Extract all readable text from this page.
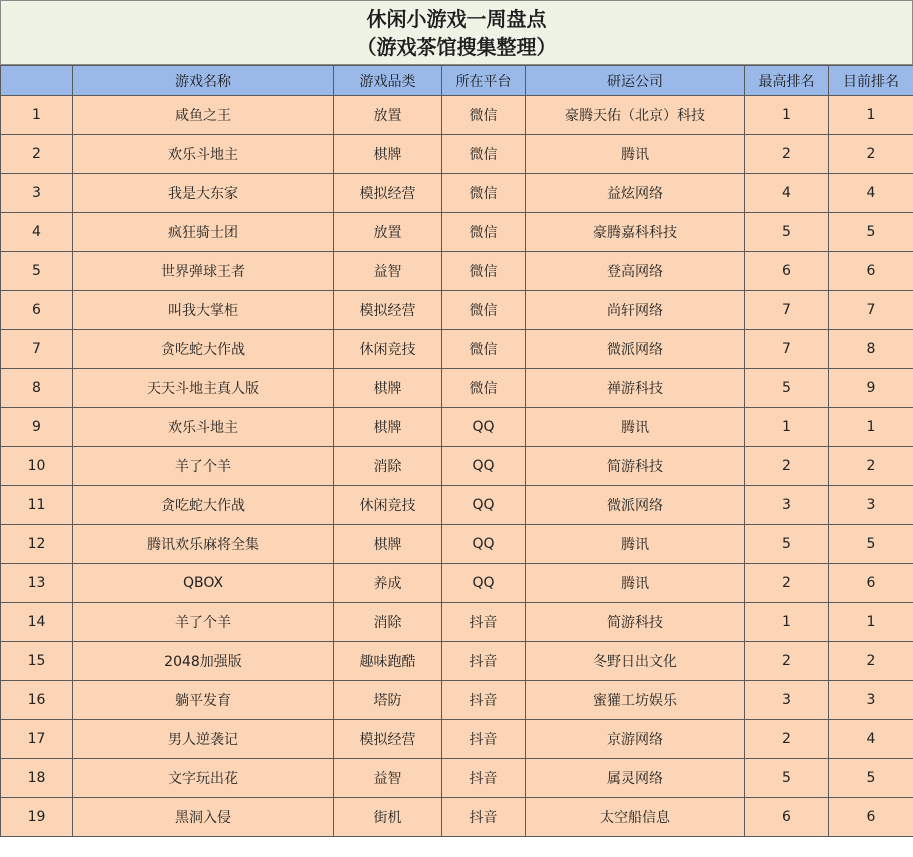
休闲小游戏一周盘点
（游戏茶馆搜集整理）
	游戏名称	游戏品类	所在平台	研运公司	最高排名	目前排名
1	咸鱼之王	放置	微信	豪腾天佑（北京）科技	1	1
2	欢乐斗地主	棋牌	微信	腾讯	2	2
3	我是大东家	模拟经营	微信	益炫网络	4	4
4	疯狂骑士团	放置	微信	豪腾嘉科科技	5	5
5	世界弹球王者	益智	微信	登高网络	6	6
6	叫我大掌柜	模拟经营	微信	尚轩网络	7	7
7	贪吃蛇大作战	休闲竞技	微信	微派网络	7	8
8	天天斗地主真人版	棋牌	微信	禅游科技	5	9
9	欢乐斗地主	棋牌	QQ	腾讯	1	1
10	羊了个羊	消除	QQ	简游科技	2	2
11	贪吃蛇大作战	休闲竞技	QQ	微派网络	3	3
12	腾讯欢乐麻将全集	棋牌	QQ	腾讯	5	5
13	QBOX	养成	QQ	腾讯	2	6
14	羊了个羊	消除	抖音	简游科技	1	1
15	2048加强版	趣味跑酷	抖音	冬野日出文化	2	2
16	躺平发育	塔防	抖音	蜜獾工坊娱乐	3	3
17	男人逆袭记	模拟经营	抖音	京游网络	2	4
18	文字玩出花	益智	抖音	属灵网络	5	5
19	黑洞入侵	街机	抖音	太空船信息	6	6
